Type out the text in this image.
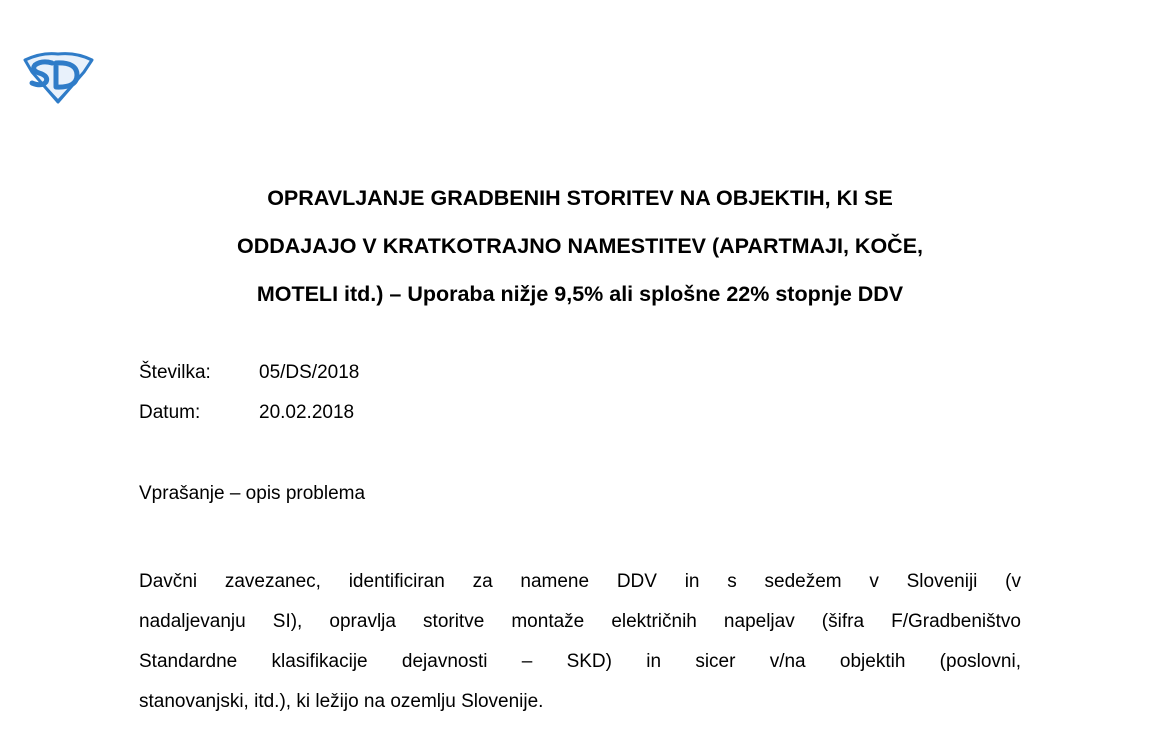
OPRAVLJANJE GRADBENIH STORITEV NA OBJEKTIH, KI SE
ODDAJAJO V KRATKOTRAJNO NAMESTITEV (APARTMAJI, KOČE,
MOTELI itd.) – Uporaba nižje 9,5% ali splošne 22% stopnje DDV
Številka:	05/DS/2018
Datum:	20.02.2018
Vprašanje – opis problema
Davčni zavezanec, identificiran za namene DDV in s sedežem v Sloveniji (v
nadaljevanju SI), opravlja storitve montaže električnih napeljav (šifra F/Gradbeništvo
Standardne klasifikacije dejavnosti – SKD) in sicer v/na objektih (poslovni,
stanovanjski, itd.), ki ležijo na ozemlju Slovenije.
